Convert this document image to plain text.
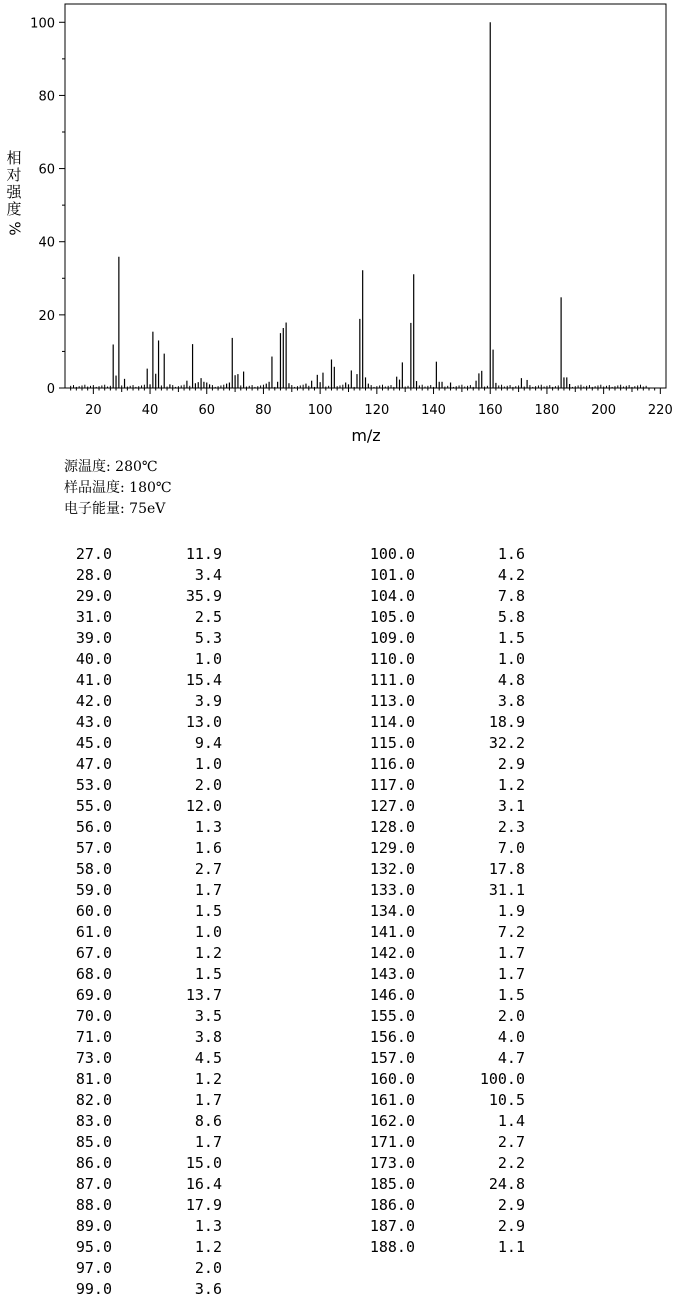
0
20
40
60
80
100
20	40	60	80	100 120 140 160 180 200 220
m/z
相
对
强
度
%
源温度: 280℃
样品温度: 180℃
电子能量: 75eV
27.0	11.9
28.0	3.4
29.0	35.9
31.0	2.5
39.0	5.3
40.0	1.0
41.0	15.4
42.0	3.9
43.0	13.0
45.0	9.4
47.0	1.0
53.0	2.0
55.0	12.0
56.0	1.3
57.0	1.6
58.0	2.7
59.0	1.7
60.0	1.5
61.0	1.0
67.0	1.2
68.0	1.5
69.0	13.7
70.0	3.5
71.0	3.8
73.0	4.5
81.0	1.2
82.0	1.7
83.0	8.6
85.0	1.7
86.0	15.0
87.0	16.4
88.0	17.9
89.0	1.3
95.0	1.2
97.0	2.0
99.0	3.6
100.0	1.6
101.0	4.2
104.0	7.8
105.0	5.8
109.0	1.5
110.0	1.0
111.0	4.8
113.0	3.8
114.0	18.9
115.0	32.2
116.0	2.9
117.0	1.2
127.0	3.1
128.0	2.3
129.0	7.0
132.0	17.8
133.0	31.1
134.0	1.9
141.0	7.2
142.0	1.7
143.0	1.7
146.0	1.5
155.0	2.0
156.0	4.0
157.0	4.7
160.0	100.0
161.0	10.5
162.0	1.4
171.0	2.7
173.0	2.2
185.0	24.8
186.0	2.9
187.0	2.9
188.0	1.1
